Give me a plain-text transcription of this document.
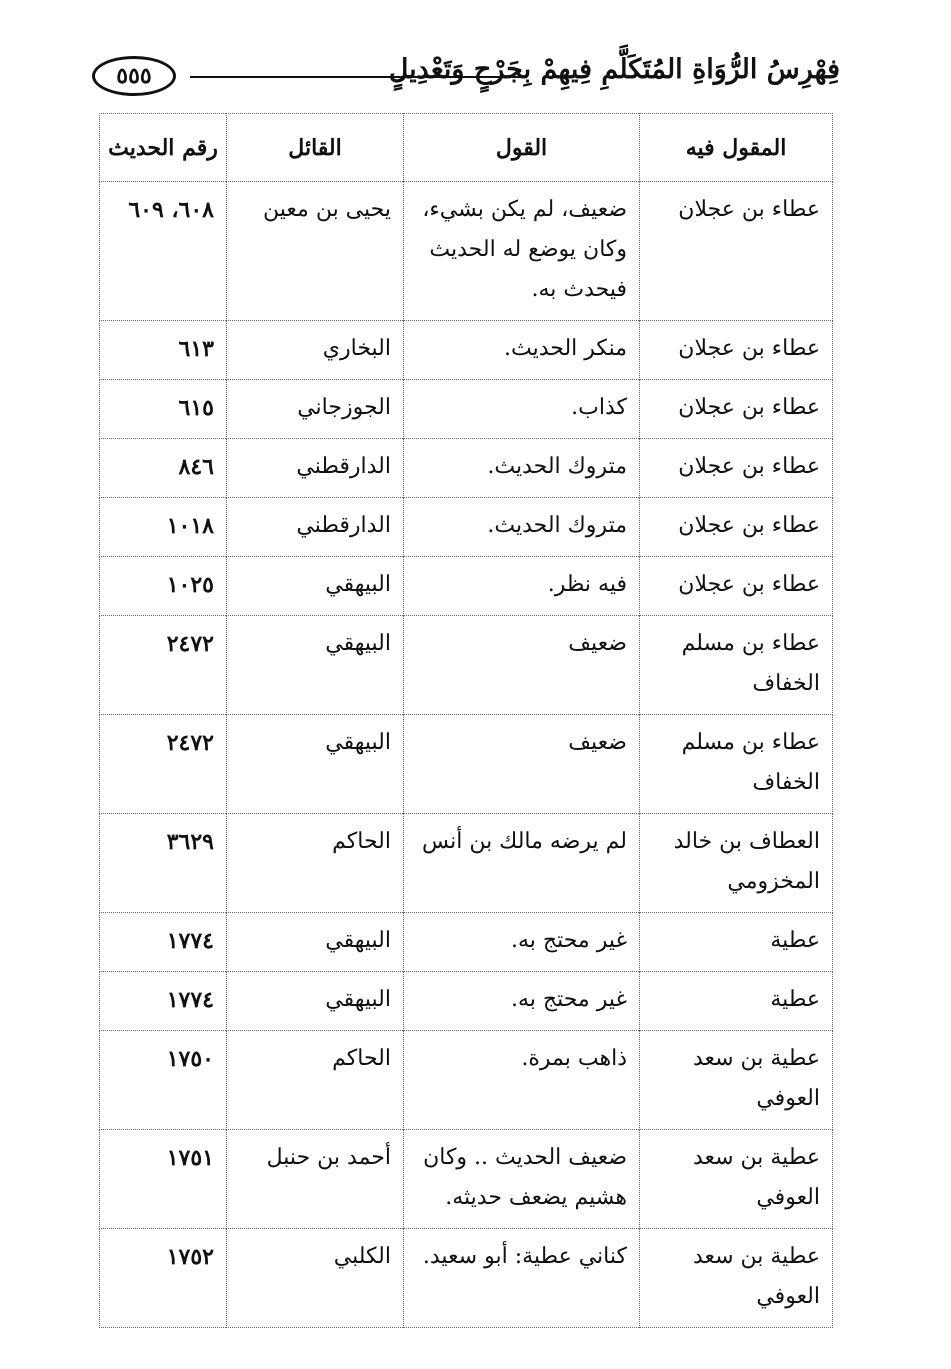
٥٥٥	فِهْرِسُ الرُّوَاةِ المُتَكَلَّمِ فِيهِمْ بِجَرْحٍ وَتَعْدِيلٍ
المقول فيه	القول	القائل	رقم الحديث
عطاء بن عجلان	ضعيف، لم يكن بشيء، وكان يوضع له الحديث فيحدث به.	يحيى بن معين	٦٠٨، ٦٠٩
عطاء بن عجلان	منكر الحديث.	البخاري	٦١٣
عطاء بن عجلان	كذاب.	الجوزجاني	٦١٥
عطاء بن عجلان	متروك الحديث.	الدارقطني	٨٤٦
عطاء بن عجلان	متروك الحديث.	الدارقطني	١٠١٨
عطاء بن عجلان	فيه نظر.	البيهقي	١٠٢٥
عطاء بن مسلم الخفاف	ضعيف	البيهقي	٢٤٧٢
عطاء بن مسلم الخفاف	ضعيف	البيهقي	٢٤٧٢
العطاف بن خالد المخزومي	لم يرضه مالك بن أنس	الحاكم	٣٦٢٩
عطية	غير محتج به.	البيهقي	١٧٧٤
عطية	غير محتج به.	البيهقي	١٧٧٤
عطية بن سعد العوفي	ذاهب بمرة.	الحاكم	١٧٥٠
عطية بن سعد العوفي	ضعيف الحديث .. وكان هشيم يضعف حديثه.	أحمد بن حنبل	١٧٥١
عطية بن سعد العوفي	كناني عطية: أبو سعيد.	الكلبي	١٧٥٢
